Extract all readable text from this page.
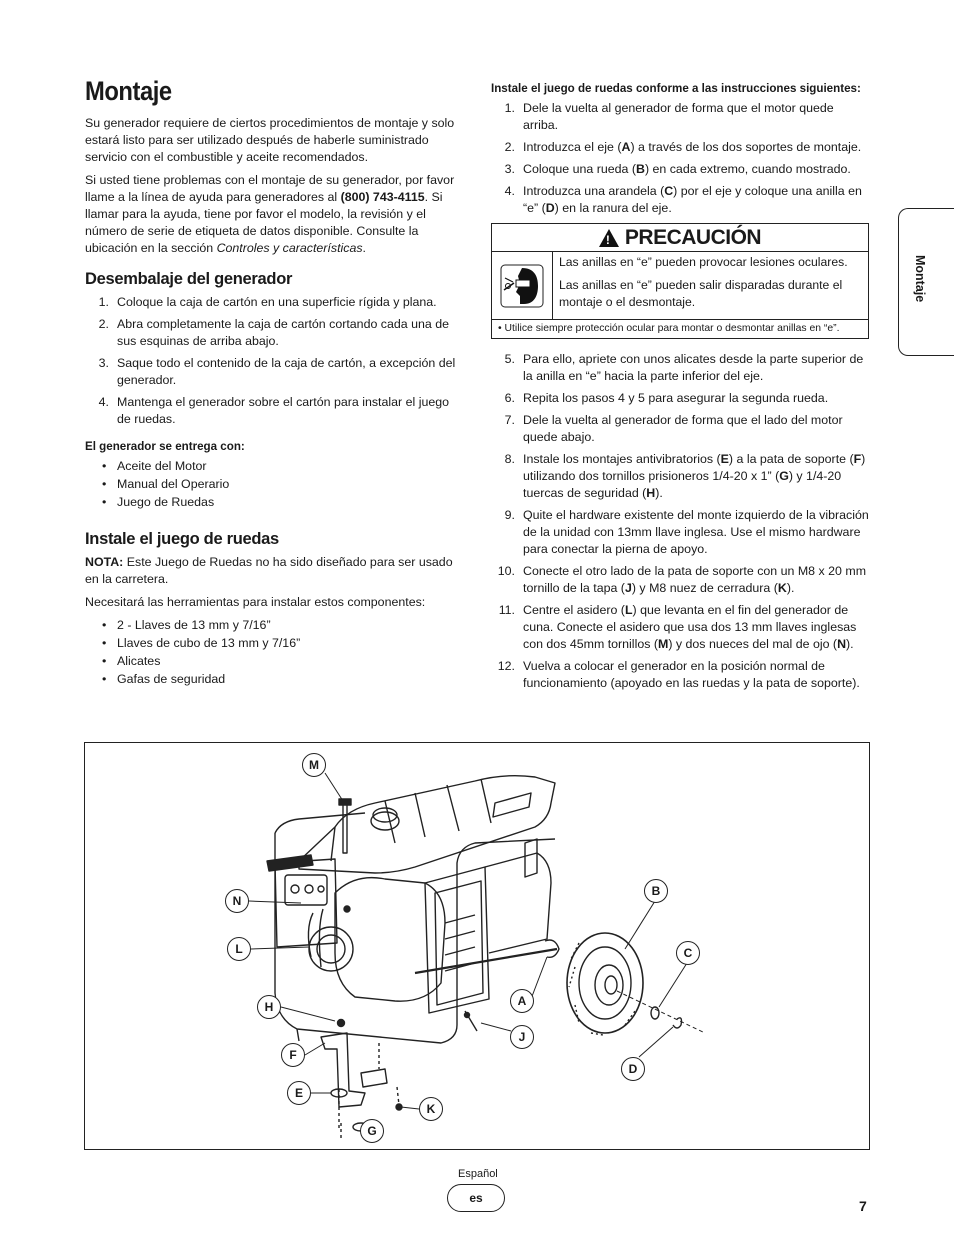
Montaje

Su generador requiere de ciertos procedimientos de montaje y solo estará listo para ser utilizado después de haberle suministrado servicio con el combustible y aceite recomendados.

Si usted tiene problemas con el montaje de su generador, por favor llame a la línea de ayuda para generadores al (800) 743-4115. Si llamar para la ayuda, tiene por favor el modelo, la revisión y el número de serie de etiqueta de datos disponible. Consulte la ubicación en la sección Controles y características.

Desembalaje del generador
1. Coloque la caja de cartón en una superficie rígida y plana.
2. Abra completamente la caja de cartón cortando cada una de sus esquinas de arriba abajo.
3. Saque todo el contenido de la caja de cartón, a excepción del generador.
4. Mantenga el generador sobre el cartón para instalar el juego de ruedas.
El generador se entrega con:
• Aceite del Motor
• Manual del Operario
• Juego de Ruedas
Instale el juego de ruedas

NOTA: Este Juego de Ruedas no ha sido diseñado para ser usado en la carretera.

Necesitará las herramientas para instalar estos componentes:

• 2 - Llaves de 13 mm y 7/16”
• Llaves de cubo de 13 mm y 7/16”
• Alicates
• Gafas de seguridad
Instale el juego de ruedas conforme a las instrucciones siguientes:
1. Dele la vuelta al generador de forma que el motor quede arriba.
2. Introduzca el eje (A) a través de los dos soportes de montaje.
3. Coloque una rueda (B) en cada extremo, cuando mostrado.
4. Introduzca una arandela (C) por el eje y coloque una anilla en “e” (D) en la ranura del eje.
! PRECAUCIÓN

Las anillas en “e” pueden provocar lesiones oculares.

Las anillas en “e” pueden salir disparadas durante el montaje o el desmontaje.

• Utilice siempre protección ocular para montar o desmontar anillas en “e”.
5. Para ello, apriete con unos alicates desde la parte superior de la anilla en “e” hacia la parte inferior del eje.
6. Repita los pasos 4 y 5 para asegurar la segunda rueda.
7. Dele la vuelta al generador de forma que el lado del motor quede abajo.
8. Instale los montajes antivibratorios (E) a la pata de soporte (F) utilizando dos tornillos prisioneros 1/4-20 x 1” (G) y 1/4-20 tuercas de seguridad (H).
9. Quite el hardware existente del monte izquierdo de la vibración de la unidad con 13mm llave inglesa. Use el mismo hardware para conectar la pierna de apoyo.
10. Conecte el otro lado de la pata de soporte con un M8 x 20 mm tornillo de la tapa (J) y M8 nuez de cerradura (K).
11. Centre el asidero (L) que levanta en el fin del generador de cuna. Conecte el asidero que usa dos 13 mm llaves inglesas con dos 45mm tornillos (M) y dos nueces del mal de ojo (N).
12. Vuelva a colocar el generador en la posición normal de funcionamiento (apoyado en las ruedas y la pata de soporte).
Montaje
M
N
L
H
F
E
G
K
J
A
B
C
D
Español
es	7
